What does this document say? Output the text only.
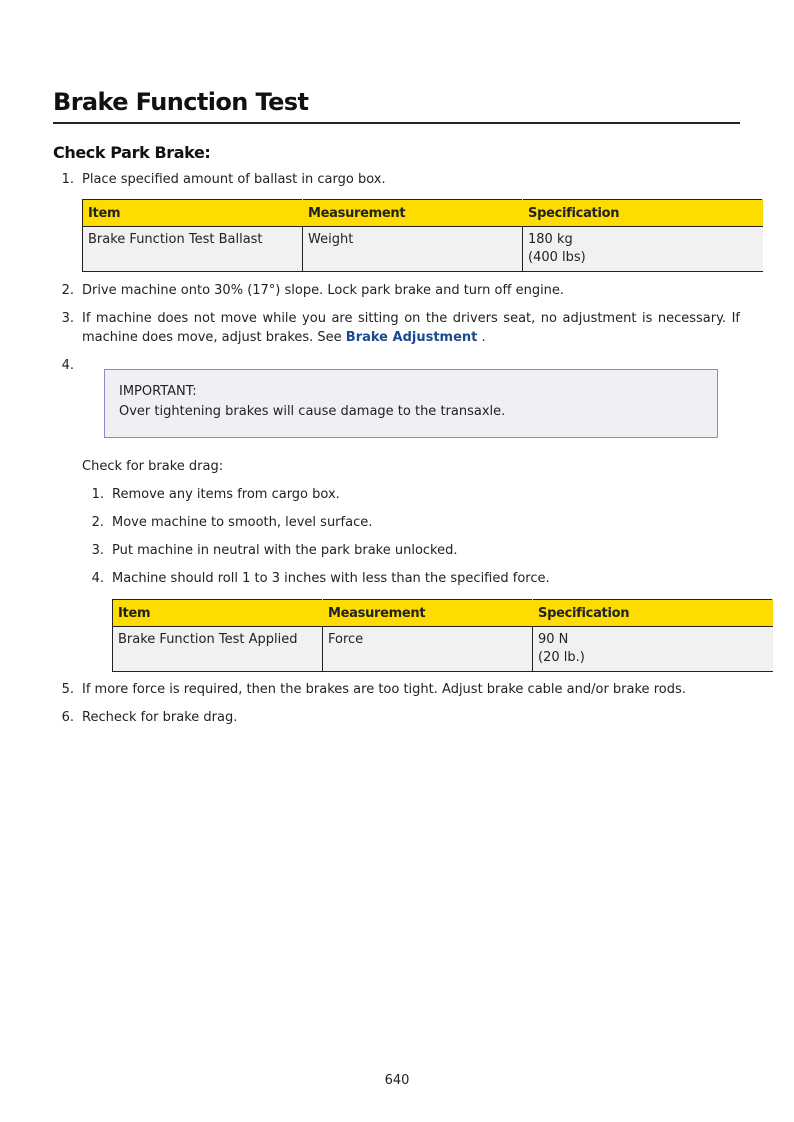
Brake Function Test
Check Park Brake:
1. Place specified amount of ballast in cargo box.
Item	Measurement	Specification
Brake Function Test Ballast	Weight	180 kg
(400 lbs)
2. Drive machine onto 30% (17°) slope. Lock park brake and turn off engine.
3. If machine does not move while you are sitting on the drivers seat, no adjustment is necessary. If
machine does move, adjust brakes. See Brake Adjustment .
4.
IMPORTANT:
Over tightening brakes will cause damage to the transaxle.
Check for brake drag:
1. Remove any items from cargo box.
2. Move machine to smooth, level surface.
3. Put machine in neutral with the park brake unlocked.
4. Machine should roll 1 to 3 inches with less than the specified force.
Item	Measurement	Specification
Brake Function Test Applied	Force	90 N
(20 lb.)
5. If more force is required, then the brakes are too tight. Adjust brake cable and/or brake rods.
6. Recheck for brake drag.
640
